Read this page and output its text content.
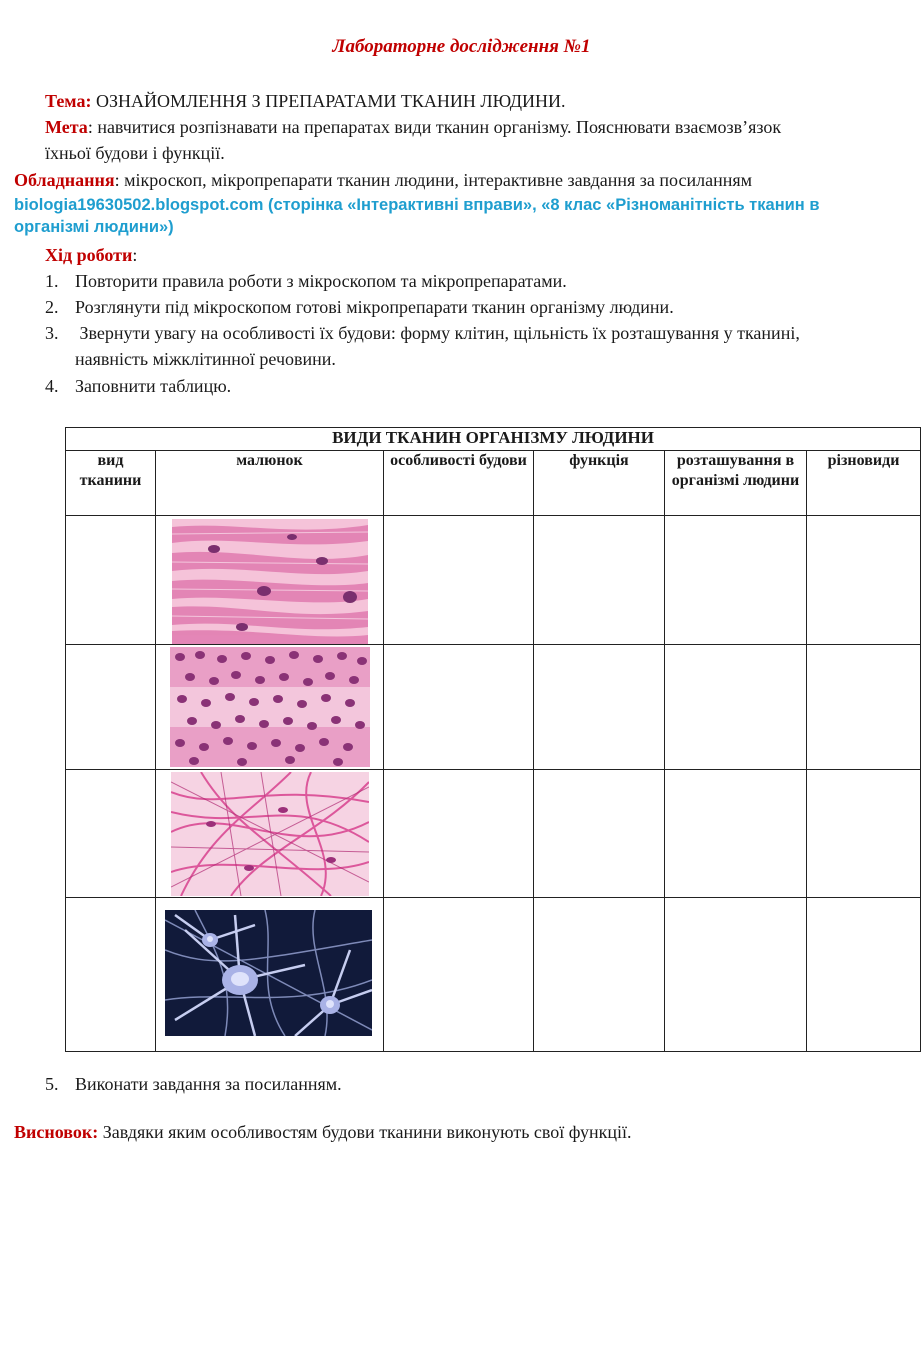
Лабораторне дослідження №1
Тема: ОЗНАЙОМЛЕННЯ З ПРЕПАРАТАМИ ТКАНИН ЛЮДИНИ.
Мета: навчитися розпізнавати на препаратах види тканин організму. Пояснювати взаємозв’язок
їхньої будови і функції.
Обладнання: мікроскоп, мікропрепарати тканин людини, інтерактивне завдання за посиланням
biologia19630502.blogspot.com (сторінка «Інтерактивні вправи», «8 клас «Різноманітність тканин в
організмі людини»)
Хід роботи:
1. Повторити правила роботи з мікроскопом та мікропрепаратами.
2. Розглянути під мікроскопом готові мікропрепарати тканин організму людини.
3. Звернути увагу на особливості їх будови: форму клітин, щільність їх розташування у тканині,
наявність міжклітинної речовини.
4. Заповнити таблицю.
ВИДИ ТКАНИН ОРГАНІЗМУ ЛЮДИНИ					
вид тканини	малюнок	особливості будови	функція	розташування в організмі людини	різновиди

5. Виконати завдання за посиланням.
Висновок: Завдяки яким особливостям будови тканини виконують свої функції.
